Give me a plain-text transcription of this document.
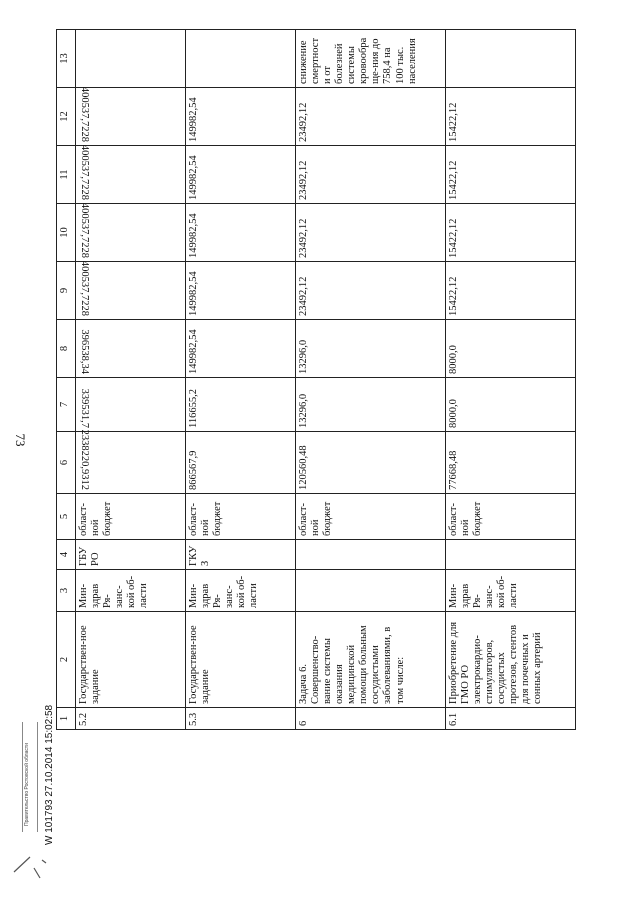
73
1	2	3	4	5	6	7	8	9	10	11	12	13
5.2	Государствен-ное задание	Мин-здрав Ря-занс-кой об-ласти	ГБУ РО	област-ной бюджет	2338220,9312	339531,7	396538,34	400537,7228	400537,7228	400537,7228	400537,7228	
5.3	Государствен-ное задание	Мин-здрав Ря-занс-кой об-ласти	ГКУЗ	област-ной бюджет	866567,9	116655,2	149982,54	149982,54	149982,54	149982,54	149982,54	
6	Задача 6. Совершенство-вание системы оказания медицинской помощи больным сосудистыми заболеваниями, в том числе:			област-ной бюджет	120560,48	13296,0	13296,0	23492,12	23492,12	23492,12	23492,12	снижение смертности от болезней системы кровообраще-ния до 758,4 на 100 тыс. населения
6.1	Приобретение для ГМО РО электрокардио-стимуляторов, сосудистых протезов, стентов для почечных и сонных артерий	Мин-здрав Ря-занс-кой об-ласти		област-ной бюджет	77668,48	8000,0	8000,0	15422,12	15422,12	15422,12	15422,12	
Правительство Ростовской области W 101793 27.10.2014 15:02:58
